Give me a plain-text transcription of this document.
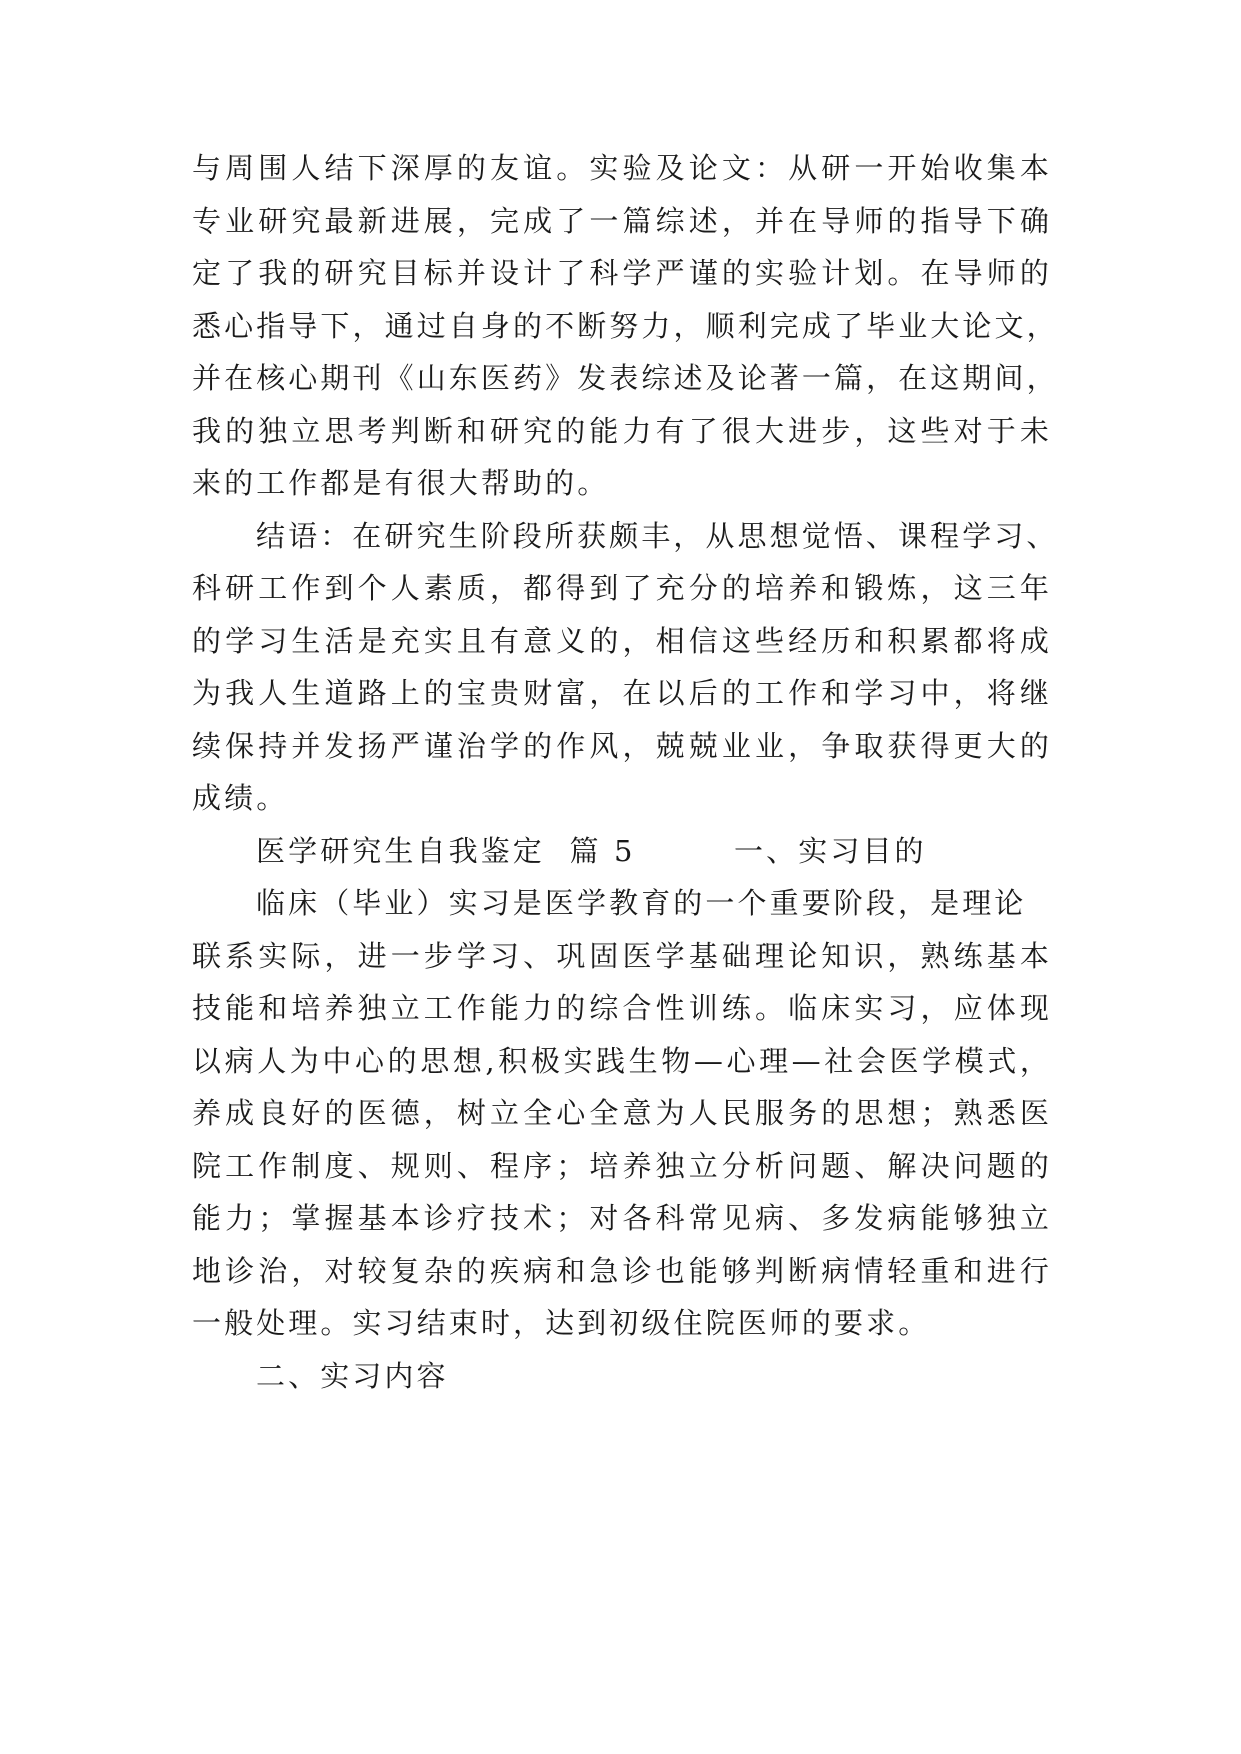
与周围人结下深厚的友谊。实验及论文：从研一开始收集本
专业研究最新进展，完成了一篇综述，并在导师的指导下确
定了我的研究目标并设计了科学严谨的实验计划。在导师的
悉心指导下，通过自身的不断努力，顺利完成了毕业大论文，
并在核心期刊《山东医药》发表综述及论著一篇，在这期间，
我的独立思考判断和研究的能力有了很大进步，这些对于未
来的工作都是有很大帮助的。
结语：在研究生阶段所获颇丰，从思想觉悟、课程学习、
科研工作到个人素质，都得到了充分的培养和锻炼，这三年
的学习生活是充实且有意义的，相信这些经历和积累都将成
为我人生道路上的宝贵财富，在以后的工作和学习中，将继
续保持并发扬严谨治学的作风，兢兢业业，争取获得更大的
成绩。
医学研究生自我鉴定  篇 5        一、实习目的
临床（毕业）实习是医学教育的一个重要阶段，是理论
联系实际，进一步学习、巩固医学基础理论知识，熟练基本
技能和培养独立工作能力的综合性训练。临床实习，应体现
以病人为中心的思想,积极实践生物—心理—社会医学模式，
养成良好的医德，树立全心全意为人民服务的思想；熟悉医
院工作制度、规则、程序；培养独立分析问题、解决问题的
能力；掌握基本诊疗技术；对各科常见病、多发病能够独立
地诊治，对较复杂的疾病和急诊也能够判断病情轻重和进行
一般处理。实习结束时，达到初级住院医师的要求。
二、实习内容
